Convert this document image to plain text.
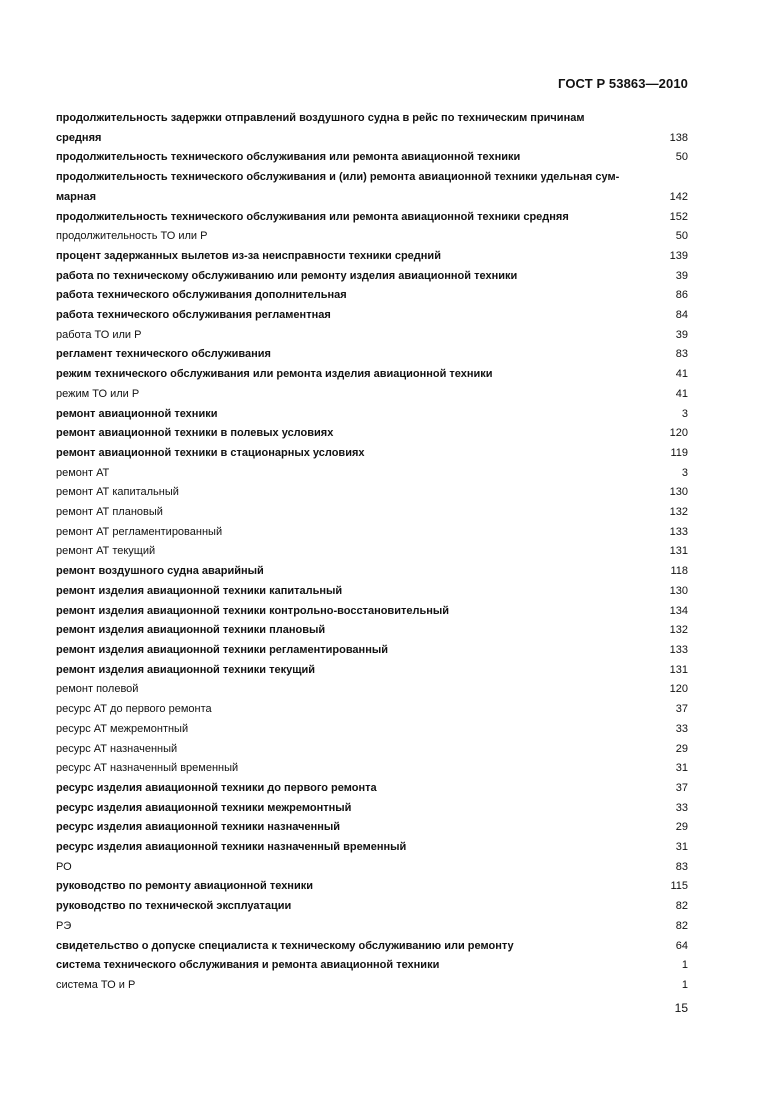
ГОСТ Р 53863—2010
продолжительность задержки отправлений воздушного судна в рейс по техническим причинам
средняя	138
продолжительность технического обслуживания или ремонта авиационной техники	50
продолжительность технического обслуживания и (или) ремонта авиационной техники удельная сум-
марная	142
продолжительность технического обслуживания или ремонта авиационной техники средняя	152
продолжительность ТО или Р	50
процент задержанных вылетов из-за неисправности техники средний	139
работа по техническому обслуживанию или ремонту изделия авиационной техники	39
работа технического обслуживания дополнительная	86
работа технического обслуживания регламентная	84
работа ТО или Р	39
регламент технического обслуживания	83
режим технического обслуживания или ремонта изделия авиационной техники	41
режим ТО или Р	41
ремонт авиационной техники	3
ремонт авиационной техники в полевых условиях	120
ремонт авиационной техники в стационарных условиях	119
ремонт АТ	3
ремонт АТ капитальный	130
ремонт АТ плановый	132
ремонт АТ регламентированный	133
ремонт АТ текущий	131
ремонт воздушного судна аварийный	118
ремонт изделия авиационной техники капитальный	130
ремонт изделия авиационной техники контрольно-восстановительный	134
ремонт изделия авиационной техники плановый	132
ремонт изделия авиационной техники регламентированный	133
ремонт изделия авиационной техники текущий	131
ремонт полевой	120
ресурс АТ до первого ремонта	37
ресурс АТ межремонтный	33
ресурс АТ назначенный	29
ресурс АТ назначенный временный	31
ресурс изделия авиационной техники до первого ремонта	37
ресурс изделия авиационной техники межремонтный	33
ресурс изделия авиационной техники назначенный	29
ресурс изделия авиационной техники назначенный временный	31
РО	83
руководство по ремонту авиационной техники	115
руководство по технической эксплуатации	82
РЭ	82
свидетельство о допуске специалиста к техническому обслуживанию или ремонту	64
система технического обслуживания и ремонта авиационной техники	1
система ТО и Р	1
15
